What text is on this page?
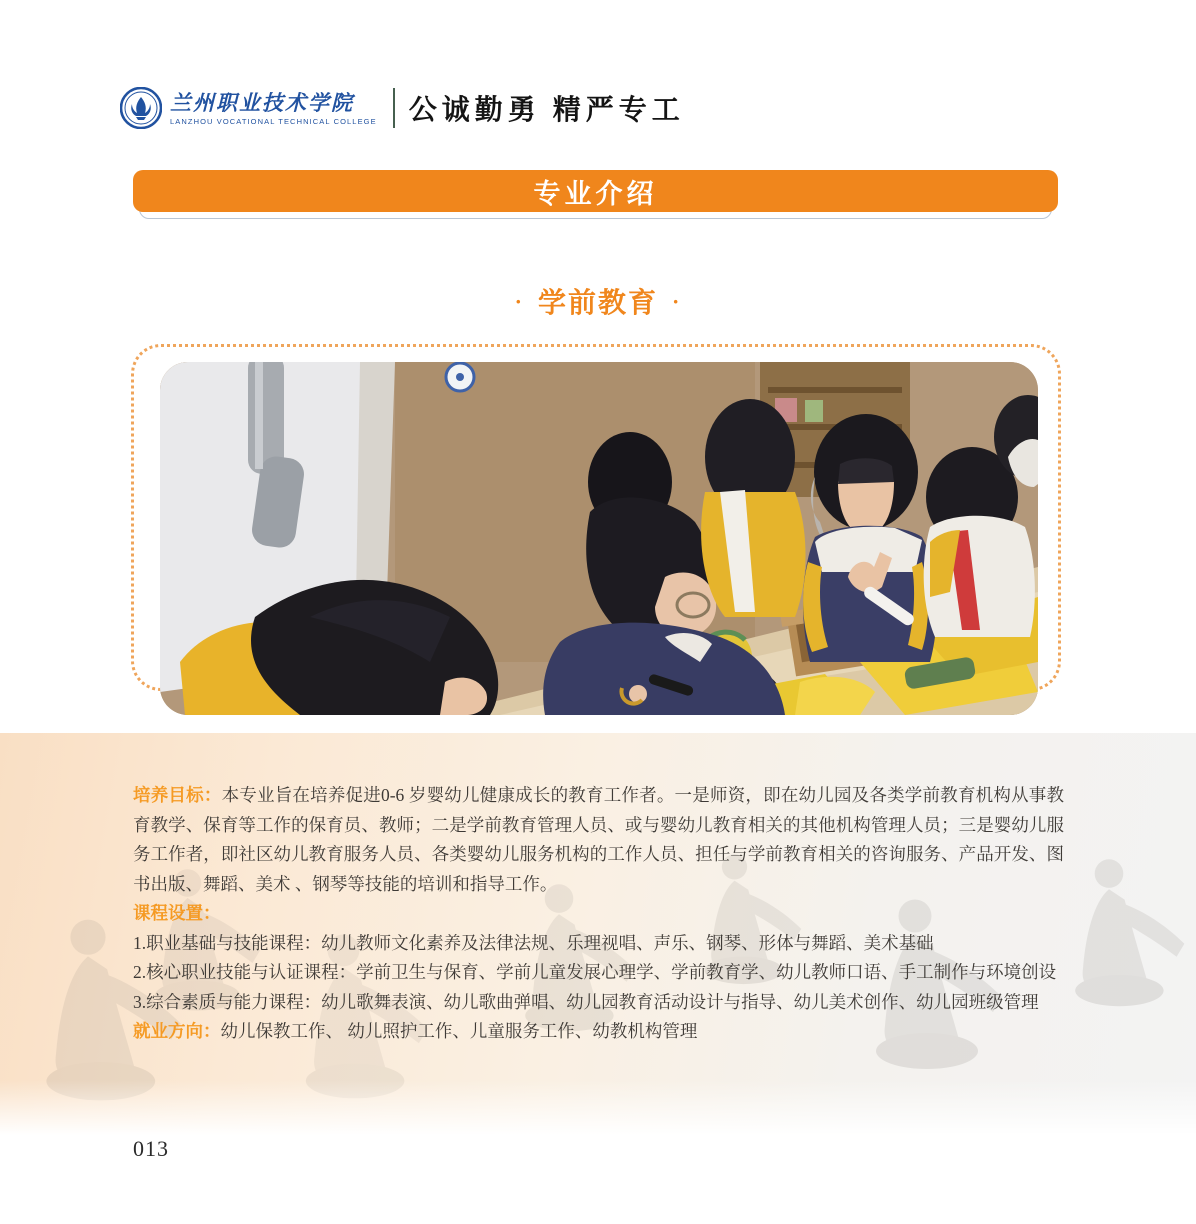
兰州职业技术学院
LANZHOU VOCATIONAL TECHNICAL COLLEGE 公诚勤勇 精严专工
专业介绍
· 学前教育 ·

培养目标：本专业旨在培养促进0-6 岁婴幼儿健康成长的教育工作者。一是师资，即在幼儿园及各类学前教育机构从事教育教学、保育等工作的保育员、教师；二是学前教育管理人员、或与婴幼儿教育相关的其他机构管理人员；三是婴幼儿服务工作者，即社区幼儿教育服务人员、各类婴幼儿服务机构的工作人员、担任与学前教育相关的咨询服务、产品开发、图书出版、舞蹈、美术 、钢琴等技能的培训和指导工作。

课程设置：

1.职业基础与技能课程：幼儿教师文化素养及法律法规、乐理视唱、声乐、钢琴、形体与舞蹈、美术基础

2.核心职业技能与认证课程：学前卫生与保育、学前儿童发展心理学、学前教育学、幼儿教师口语、手工制作与环境创设

3.综合素质与能力课程：幼儿歌舞表演、幼儿歌曲弹唱、幼儿园教育活动设计与指导、幼儿美术创作、幼儿园班级管理

就业方向：幼儿保教工作、 幼儿照护工作、儿童服务工作、幼教机构管理

013
